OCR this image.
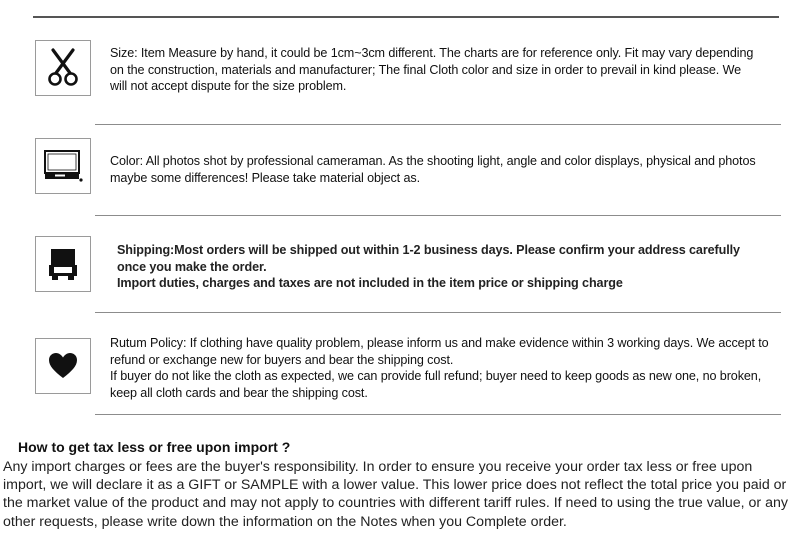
Size: Item Measure by hand, it could be 1cm~3cm different. The charts are for reference only. Fit may vary depending on the construction, materials and manufacturer; The final Cloth color and size in order to prevail in kind please. We will not accept dispute for the size problem.

Color: All photos shot by professional cameraman. As the shooting light, angle and color displays, physical and photos maybe some differences! Please take material object as.

Shipping:Most orders will be shipped out within 1-2 business days. Please confirm your address carefully once you make the order.

Import duties, charges and taxes are not included in the item price or shipping charge

Rutum Policy: If clothing have quality problem, please inform us and make evidence within 3 working days. We accept to refund or exchange new for buyers and bear the shipping cost.

If buyer do not like the cloth as expected, we can provide full refund; buyer need to keep goods as new one, no broken, keep all cloth cards and bear the shipping cost.

How to get tax less or free upon import ?
Any import charges or fees are the buyer's responsibility. In order to ensure you receive your order tax less or free upon import, we will declare it as a GIFT or SAMPLE with a lower value. This lower price does not reflect the total price you paid or the market value of the product and may not apply to countries with different tariff rules. If need to using the true value, or any other requests, please write down the information on the Notes when you Complete order.
